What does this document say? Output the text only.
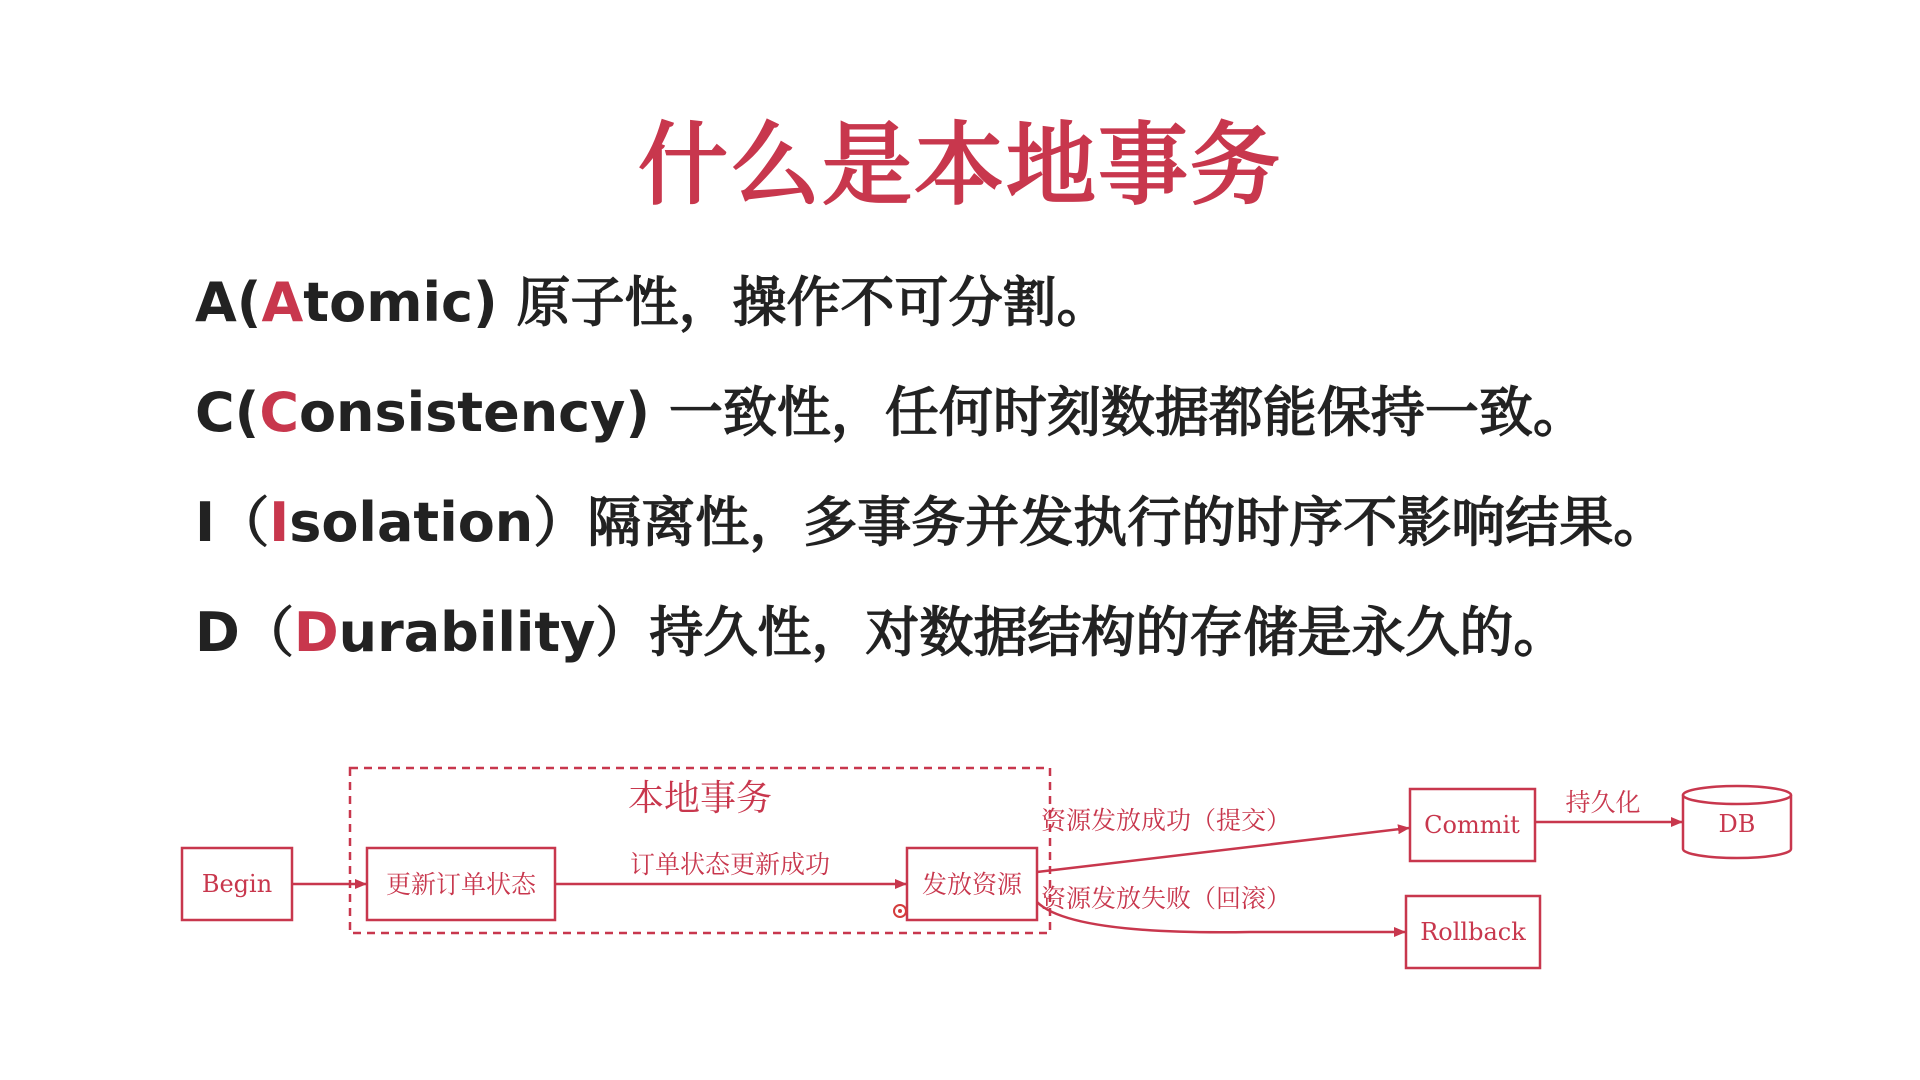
什么是本地事务
A(Atomic) 原子性，操作不可分割。
C(Consistency) 一致性，任何时刻数据都能保持一致。
I（Isolation）隔离性，多事务并发执行的时序不影响结果。
D（Durability）持久性，对数据结构的存储是永久的。
本地事务
Begin	更新订单状态	发放资源
Commit
Rollback
DB
订单状态更新成功
资源发放成功（提交）
资源发放失败（回滚）
持久化
